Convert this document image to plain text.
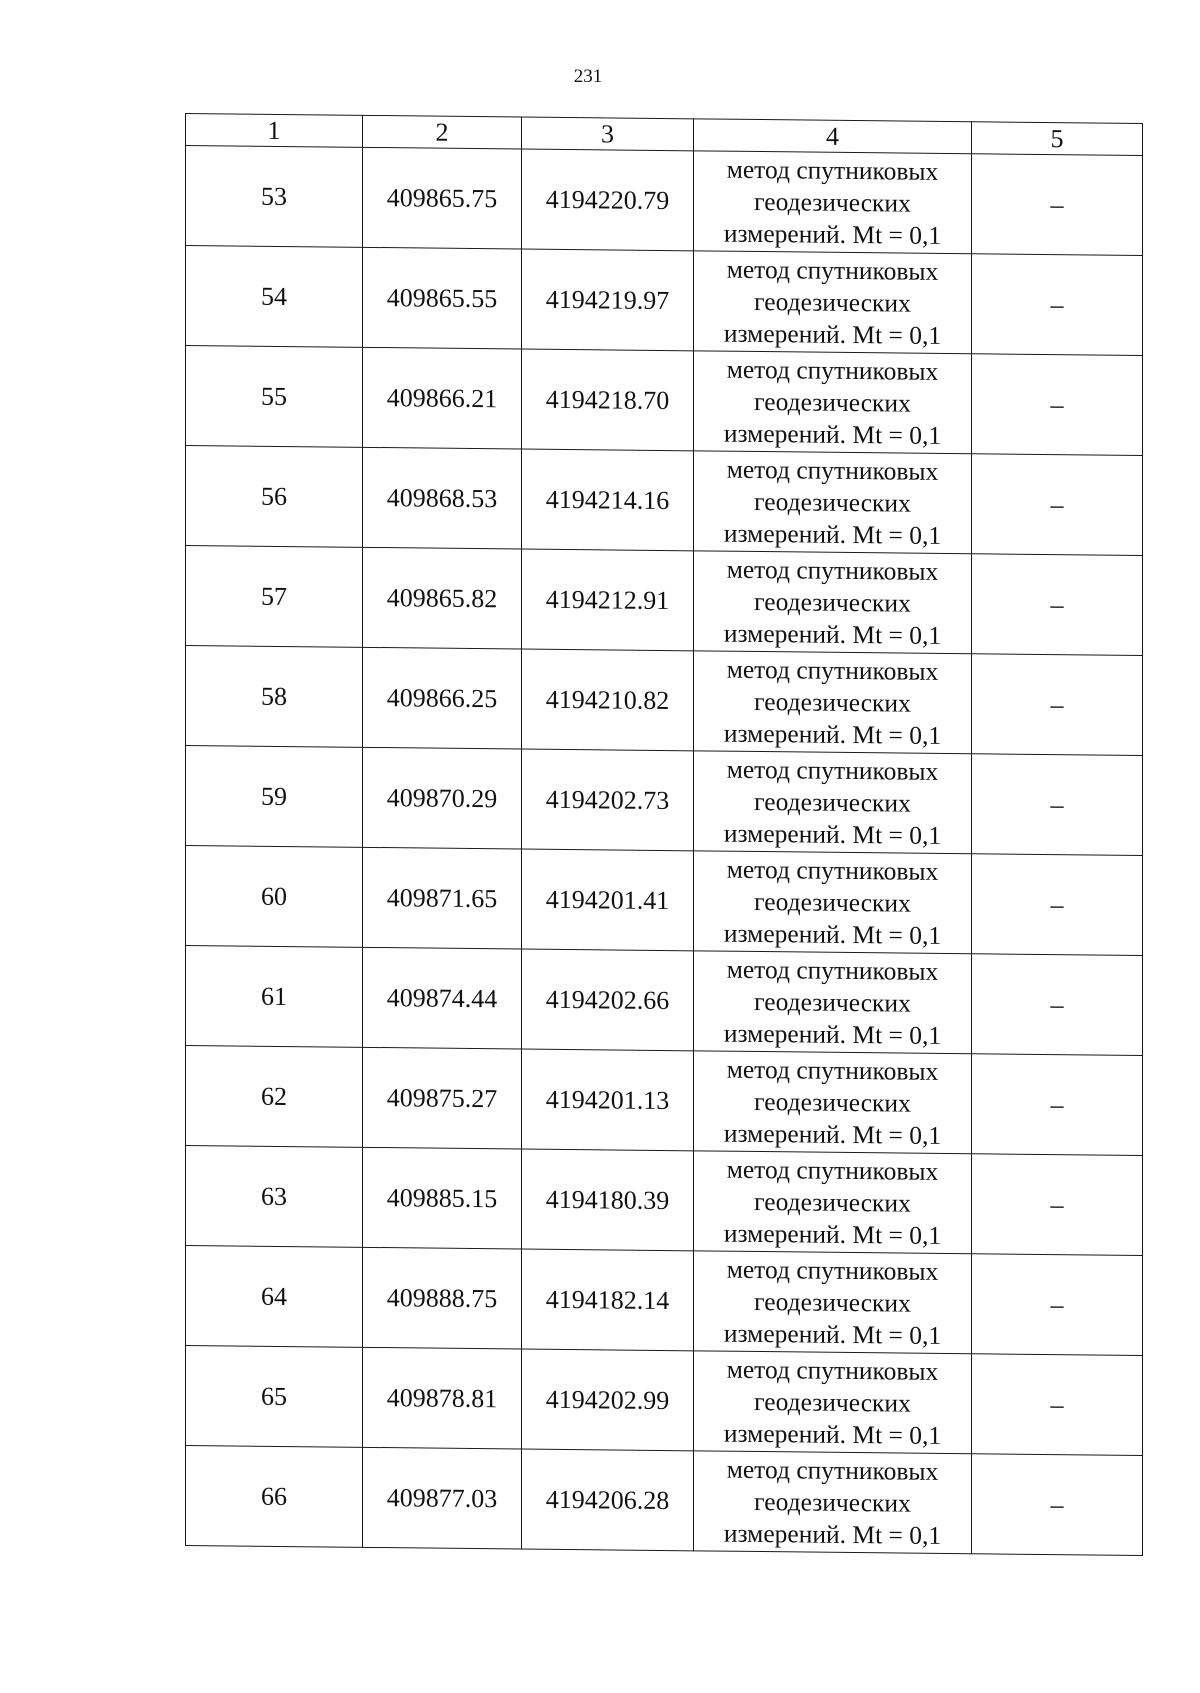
231
1	2	3	4	5
53	409865.75	4194220.79	метод спутниковых
геодезических
измерений. Mt = 0,1	–
54	409865.55	4194219.97	метод спутниковых
геодезических
измерений. Mt = 0,1	–
55	409866.21	4194218.70	метод спутниковых
геодезических
измерений. Mt = 0,1	–
56	409868.53	4194214.16	метод спутниковых
геодезических
измерений. Mt = 0,1	–
57	409865.82	4194212.91	метод спутниковых
геодезических
измерений. Mt = 0,1	–
58	409866.25	4194210.82	метод спутниковых
геодезических
измерений. Mt = 0,1	–
59	409870.29	4194202.73	метод спутниковых
геодезических
измерений. Mt = 0,1	–
60	409871.65	4194201.41	метод спутниковых
геодезических
измерений. Mt = 0,1	–
61	409874.44	4194202.66	метод спутниковых
геодезических
измерений. Mt = 0,1	–
62	409875.27	4194201.13	метод спутниковых
геодезических
измерений. Mt = 0,1	–
63	409885.15	4194180.39	метод спутниковых
геодезических
измерений. Mt = 0,1	–
64	409888.75	4194182.14	метод спутниковых
геодезических
измерений. Mt = 0,1	–
65	409878.81	4194202.99	метод спутниковых
геодезических
измерений. Mt = 0,1	–
66	409877.03	4194206.28	метод спутниковых
геодезических
измерений. Mt = 0,1	–
